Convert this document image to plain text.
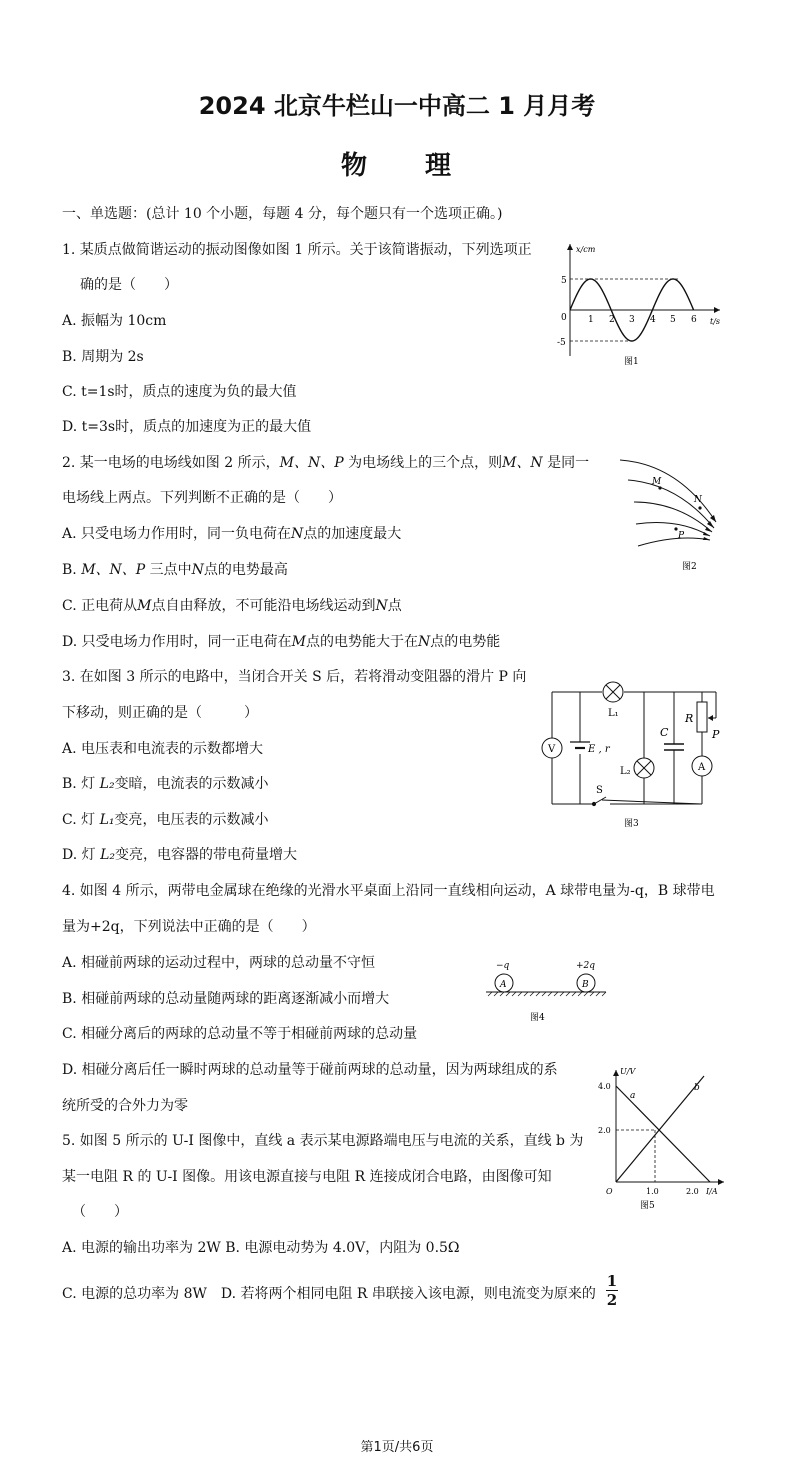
2024 北京牛栏山一中高二 1 月月考
物　　理
一、单选题：(总计 10 个小题，每题 4 分，每个题只有一个选项正确。)
1. 某质点做简谐运动的振动图像如图 1 所示。关于该简谐振动，下列选项正
确的是（　　）
A. 振幅为 10cm
B. 周期为 2s
C. t=1s时，质点的速度为负的最大值
D. t=3s时，质点的加速度为正的最大值
x/cm
t/s
5
-5
0 1 2 3 4 5 6
图1
2. 某一电场的电场线如图 2 所示，M、N、P 为电场线上的三个点，则M、N 是同一
电场线上两点。下列判断不正确的是（　　）
A. 只受电场力作用时，同一负电荷在N点的加速度最大
B. M、N、P 三点中N点的电势最高
C. 正电荷从M点自由释放，不可能沿电场线运动到N点
D. 只受电场力作用时，同一正电荷在M点的电势能大于在N点的电势能
M
N
P
图2
3. 在如图 3 所示的电路中，当闭合开关 S 后，若将滑动变阻器的滑片 P 向
下移动，则正确的是（　　　）
A. 电压表和电流表的示数都增大
B. 灯 L₂变暗，电流表的示数减小
C. 灯 L₁变亮，电压表的示数减小
D. 灯 L₂变亮，电容器的带电荷量增大
V
A
E , r
L₁
L₂
C
R
P
S
图3
4. 如图 4 所示，两带电金属球在绝缘的光滑水平桌面上沿同一直线相向运动，A 球带电量为-q，B 球带电
量为+2q，下列说法中正确的是（　　）
A. 相碰前两球的运动过程中，两球的总动量不守恒
B. 相碰前两球的总动量随两球的距离逐渐减小而增大
C. 相碰分离后的两球的总动量不等于相碰前两球的总动量
D. 相碰分离后任一瞬时两球的总动量等于碰前两球的总动量，因为两球组成的系
统所受的合外力为零
A	B
−q	+2q
图4
5. 如图 5 所示的 U-I 图像中，直线 a 表示某电源路端电压与电流的关系，直线 b 为
某一电阻 R 的 U-I 图像。用该电源直接与电阻 R 连接成闭合电路，由图像可知
（　　）
A. 电源的输出功率为 2W B. 电源电动势为 4.0V，内阻为 0.5Ω
C. 电源的总功率为 8W　D. 若将两个相同电阻 R 串联接入该电源，则电流变为原来的
1
2
U/V
I/A
4.0
2.0
1.0	2.0
O
a
b
图5
第1页/共6页
